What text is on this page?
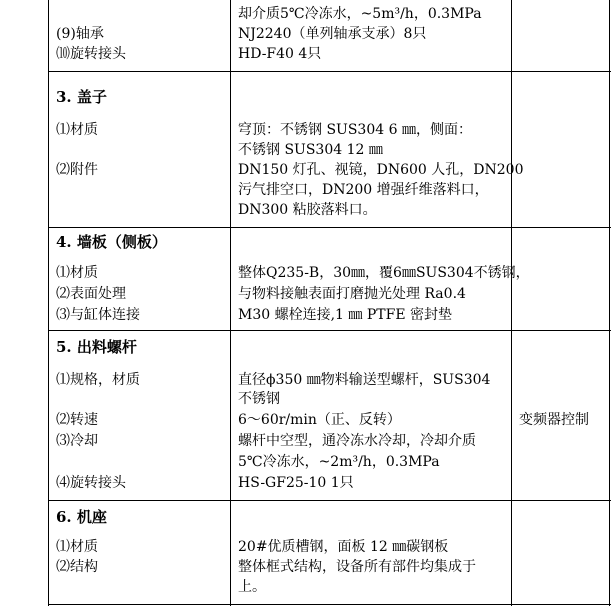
(9)轴承
⑽旋转接头
却介质5℃冷冻水，~5m³/h，0.3MPa
NJ2240（单列轴承支承）8只
HD-F40 4只
3. 盖子
⑴材质
⑵附件
穹顶：不锈钢 SUS304 6 ㎜，侧面：
不锈钢 SUS304 12 ㎜
DN150 灯孔、视镜，DN600 人孔，DN200
污气排空口，DN200 增强纤维落料口，
DN300 粘胶落料口。
4. 墙板（侧板）
⑴材质
⑵表面处理
⑶与缸体连接
整体Q235-B，30㎜，覆6㎜SUS304不锈钢，
与物料接触表面打磨抛光处理 Ra0.4
M30 螺栓连接,1 ㎜ PTFE 密封垫
5. 出料螺杆
⑴规格，材质
⑵转速
⑶冷却
⑷旋转接头
直径ϕ350 ㎜物料输送型螺杆，SUS304
不锈钢
6～60r/min（正、反转）
螺杆中空型，通冷冻水冷却，冷却介质
5℃冷冻水，~2m³/h，0.3MPa
HS-GF25-10 1只
变频器控制
6. 机座
⑴材质
⑵结构
20#优质槽钢，面板 12 ㎜碳钢板
整体框式结构，设备所有部件均集成于
上。
